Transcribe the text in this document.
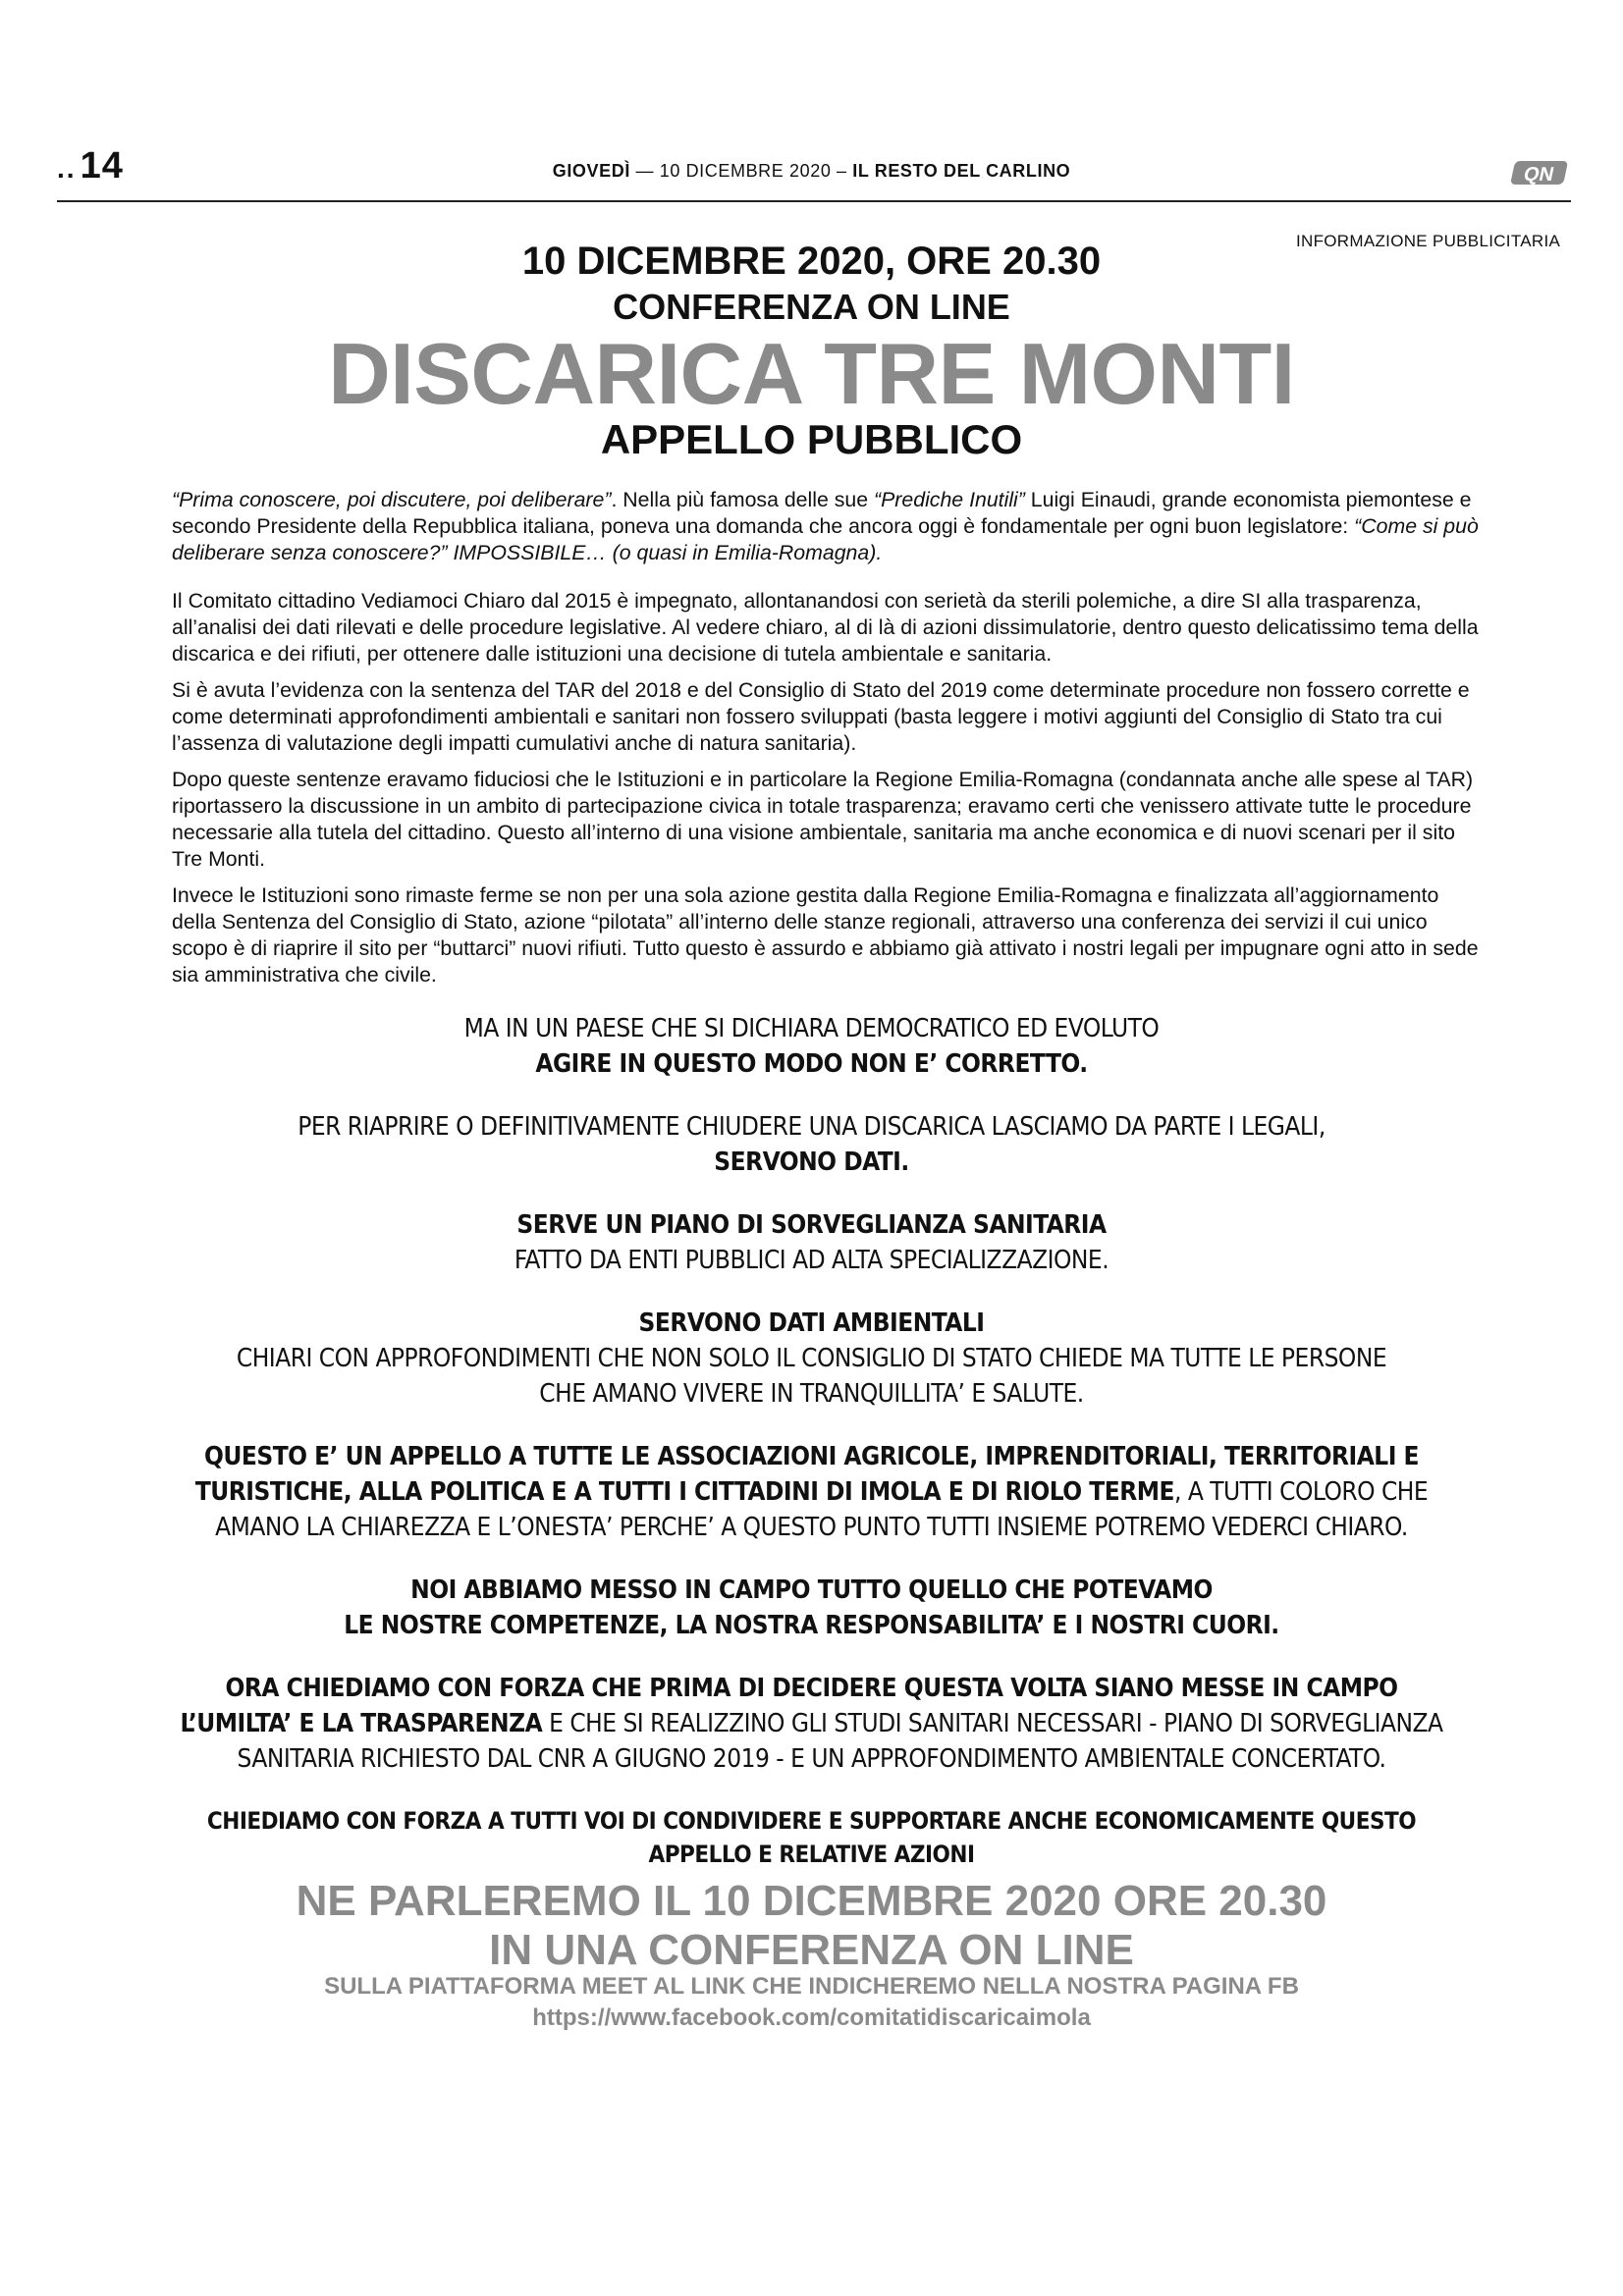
.. 14	GIOVEDÌ — 10 DICEMBRE 2020 – IL RESTO DEL CARLINO	QN
INFORMAZIONE PUBBLICITARIA
10 DICEMBRE 2020, ORE 20.30
CONFERENZA ON LINE
DISCARICA TRE MONTI
APPELLO PUBBLICO

“Prima conoscere, poi discutere, poi deliberare”. Nella più famosa delle sue “Prediche Inutili” Luigi Einaudi, grande economista piemontese e secondo Presidente della Repubblica italiana, poneva una domanda che ancora oggi è fondamentale per ogni buon legislatore: “Come si può deliberare senza conoscere?” IMPOSSIBILE… (o quasi in Emilia-Romagna).

Il Comitato cittadino Vediamoci Chiaro dal 2015 è impegnato, allontanandosi con serietà da sterili polemiche, a dire SI alla trasparenza, all’analisi dei dati rilevati e delle procedure legislative. Al vedere chiaro, al di là di azioni dissimulatorie, dentro questo delicatissimo tema della discarica e dei rifiuti, per ottenere dalle istituzioni una decisione di tutela ambientale e sanitaria.

Si è avuta l’evidenza con la sentenza del TAR del 2018 e del Consiglio di Stato del 2019 come determinate procedure non fossero corrette e come determinati approfondimenti ambientali e sanitari non fossero sviluppati (basta leggere i motivi aggiunti del Consiglio di Stato tra cui l’assenza di valutazione degli impatti cumulativi anche di natura sanitaria).

Dopo queste sentenze eravamo fiduciosi che le Istituzioni e in particolare la Regione Emilia-Romagna (condannata anche alle spese al TAR) riportassero la discussione in un ambito di partecipazione civica in totale trasparenza; eravamo certi che venissero attivate tutte le procedure necessarie alla tutela del cittadino. Questo all’interno di una visione ambientale, sanitaria ma anche economica e di nuovi scenari per il sito Tre Monti.

Invece le Istituzioni sono rimaste ferme se non per una sola azione gestita dalla Regione Emilia-Romagna e finalizzata all’aggiornamento della Sentenza del Consiglio di Stato, azione “pilotata” all’interno delle stanze regionali, attraverso una conferenza dei servizi il cui unico scopo è di riaprire il sito per “buttarci” nuovi rifiuti. Tutto questo è assurdo e abbiamo già attivato i nostri legali per impugnare ogni atto in sede sia amministrativa che civile.

MA IN UN PAESE CHE SI DICHIARA DEMOCRATICO ED EVOLUTO
AGIRE IN QUESTO MODO NON E’ CORRETTO.
PER RIAPRIRE O DEFINITIVAMENTE CHIUDERE UNA DISCARICA LASCIAMO DA PARTE I LEGALI,
SERVONO DATI.
SERVE UN PIANO DI SORVEGLIANZA SANITARIA
FATTO DA ENTI PUBBLICI AD ALTA SPECIALIZZAZIONE.
SERVONO DATI AMBIENTALI
CHIARI CON APPROFONDIMENTI CHE NON SOLO IL CONSIGLIO DI STATO CHIEDE MA TUTTE LE PERSONE
CHE AMANO VIVERE IN TRANQUILLITA’ E SALUTE.
QUESTO E’ UN APPELLO A TUTTE LE ASSOCIAZIONI AGRICOLE, IMPRENDITORIALI, TERRITORIALI E TURISTICHE, ALLA POLITICA E A TUTTI I CITTADINI DI IMOLA E DI RIOLO TERME, A TUTTI COLORO CHE AMANO LA CHIAREZZA E L’ONESTA’ PERCHE’ A QUESTO PUNTO TUTTI INSIEME POTREMO VEDERCI CHIARO.
NOI ABBIAMO MESSO IN CAMPO TUTTO QUELLO CHE POTEVAMO
LE NOSTRE COMPETENZE, LA NOSTRA RESPONSABILITA’ E I NOSTRI CUORI.
ORA CHIEDIAMO CON FORZA CHE PRIMA DI DECIDERE QUESTA VOLTA SIANO MESSE IN CAMPO L’UMILTA’ E LA TRASPARENZA E CHE SI REALIZZINO GLI STUDI SANITARI NECESSARI - PIANO DI SORVEGLIANZA SANITARIA RICHIESTO DAL CNR A GIUGNO 2019 - E UN APPROFONDIMENTO AMBIENTALE CONCERTATO.
CHIEDIAMO CON FORZA A TUTTI VOI DI CONDIVIDERE E SUPPORTARE ANCHE ECONOMICAMENTE QUESTO
APPELLO E RELATIVE AZIONI
NE PARLEREMO IL 10 DICEMBRE 2020 ORE 20.30
IN UNA CONFERENZA ON LINE
SULLA PIATTAFORMA MEET AL LINK CHE INDICHEREMO NELLA NOSTRA PAGINA FB
https://www.facebook.com/comitatidiscaricaimola
